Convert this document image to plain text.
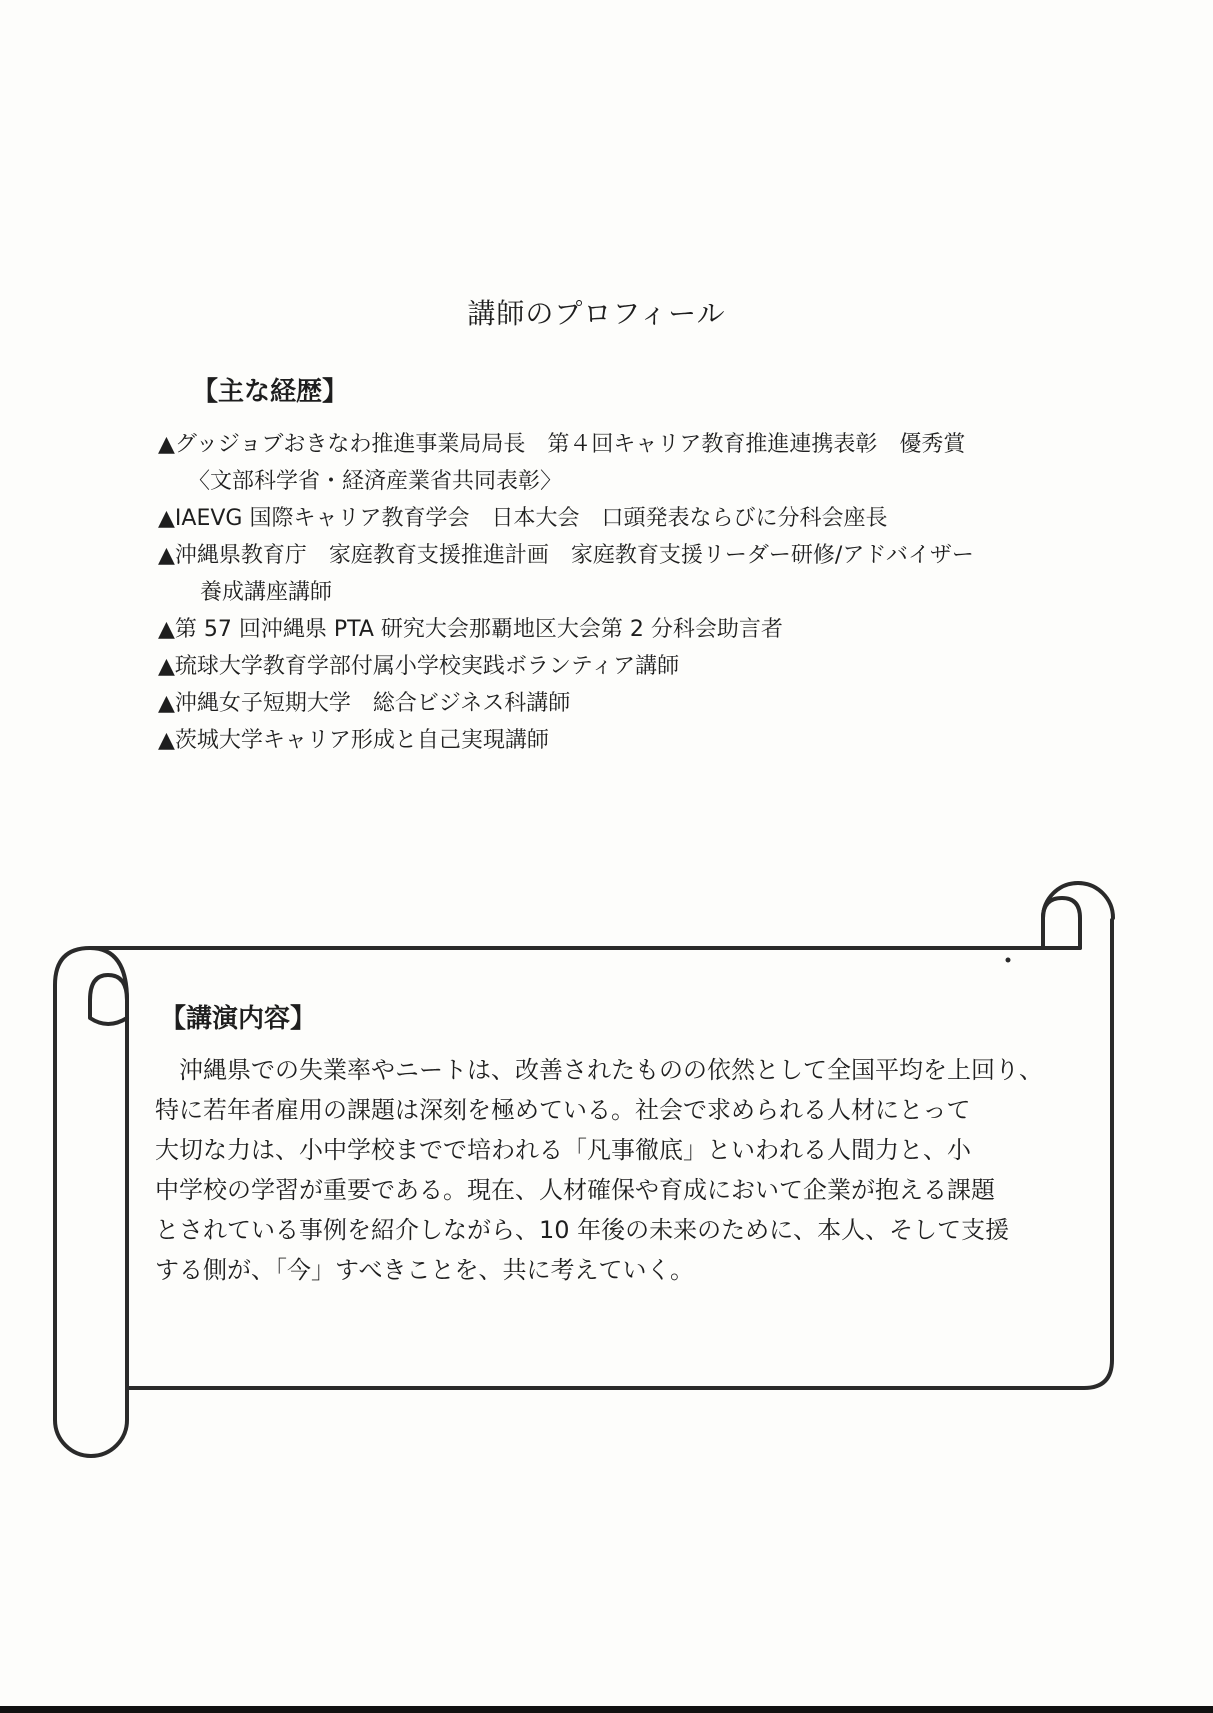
講師のプロフィール
【主な経歴】
▲グッジョブおきなわ推進事業局局長　第４回キャリア教育推進連携表彰　優秀賞
〈文部科学省・経済産業省共同表彰〉
▲IAEVG 国際キャリア教育学会　日本大会　口頭発表ならびに分科会座長
▲沖縄県教育庁　家庭教育支援推進計画　家庭教育支援リーダー研修/アドバイザー
養成講座講師
▲第 57 回沖縄県 PTA 研究大会那覇地区大会第 2 分科会助言者
▲琉球大学教育学部付属小学校実践ボランティア講師
▲沖縄女子短期大学　総合ビジネス科講師
▲茨城大学キャリア形成と自己実現講師
【講演内容】

　沖縄県での失業率やニートは、改善されたものの依然として全国平均を上回り、
特に若年者雇用の課題は深刻を極めている。社会で求められる人材にとって
大切な力は、小中学校までで培われる「凡事徹底」といわれる人間力と、小
中学校の学習が重要である。現在、人材確保や育成において企業が抱える課題
とされている事例を紹介しながら、10 年後の未来のために、本人、そして支援
する側が、「今」すべきことを、共に考えていく。
